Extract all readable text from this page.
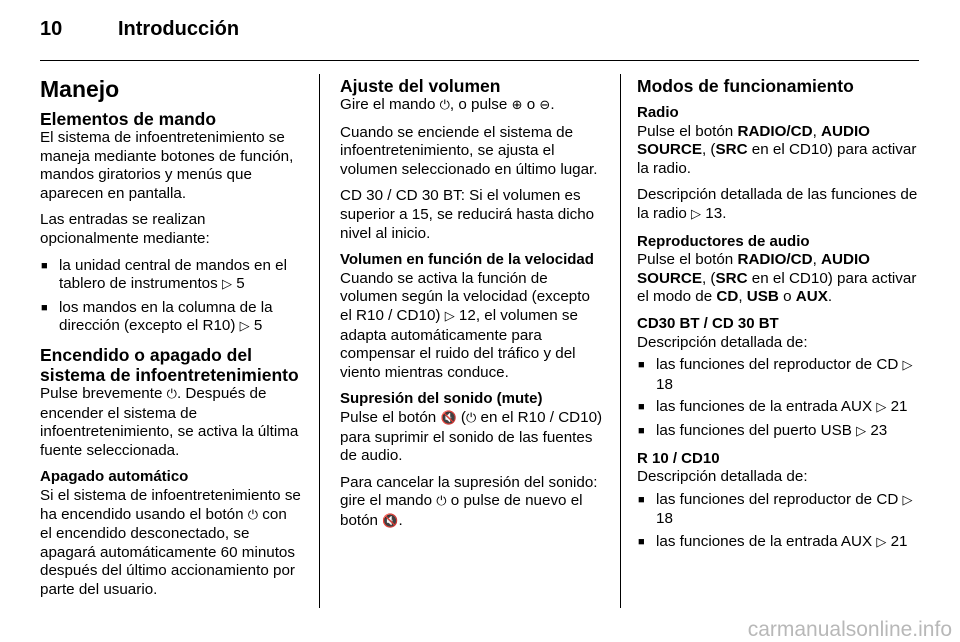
10	Introducción
Manejo
Elementos de mando

El sistema de infoentretenimiento se maneja mediante botones de función, mandos giratorios y menús que aparecen en pantalla.

Las entradas se realizan opcionalmente mediante:

■ la unidad central de mandos en el tablero de instrumentos ▷ 5
■ los mandos en la columna de la dirección (excepto el R10) ▷ 5
Encendido o apagado del sistema de infoentretenimiento

Pulse brevemente ⏻. Después de encender el sistema de infoentretenimiento, se activa la última fuente seleccionada.

Apagado automático

Si el sistema de infoentretenimiento se ha encendido usando el botón ⏻ con el encendido desconectado, se apagará automáticamente 60 minutos después del último accionamiento por parte del usuario.

Ajuste del volumen

Gire el mando ⏻, o pulse ⊕ o ⊖.

Cuando se enciende el sistema de infoentretenimiento, se ajusta el volumen seleccionado en último lugar.

CD 30 / CD 30 BT: Si el volumen es superior a 15, se reducirá hasta dicho nivel al inicio.

Volumen en función de la velocidad

Cuando se activa la función de volumen según la velocidad (excepto el R10 / CD10) ▷ 12, el volumen se adapta automáticamente para compensar el ruido del tráfico y del viento mientras conduce.

Supresión del sonido (mute)

Pulse el botón 🔇 (⏻ en el R10 / CD10) para suprimir el sonido de las fuentes de audio.

Para cancelar la supresión del sonido: gire el mando ⏻ o pulse de nuevo el botón 🔇.

Modos de funcionamiento
Radio

Pulse el botón RADIO/CD, AUDIO SOURCE, (SRC en el CD10) para activar la radio.

Descripción detallada de las funciones de la radio ▷ 13.

Reproductores de audio

Pulse el botón RADIO/CD, AUDIO SOURCE, (SRC en el CD10) para activar el modo de CD, USB o AUX.

CD30 BT / CD 30 BT

Descripción detallada de:

■ las funciones del reproductor de CD ▷ 18
■ las funciones de la entrada AUX ▷ 21
■ las funciones del puerto USB ▷ 23
R 10 / CD10

Descripción detallada de:

■ las funciones del reproductor de CD ▷ 18
■ las funciones de la entrada AUX ▷ 21
carmanualsonline.info
